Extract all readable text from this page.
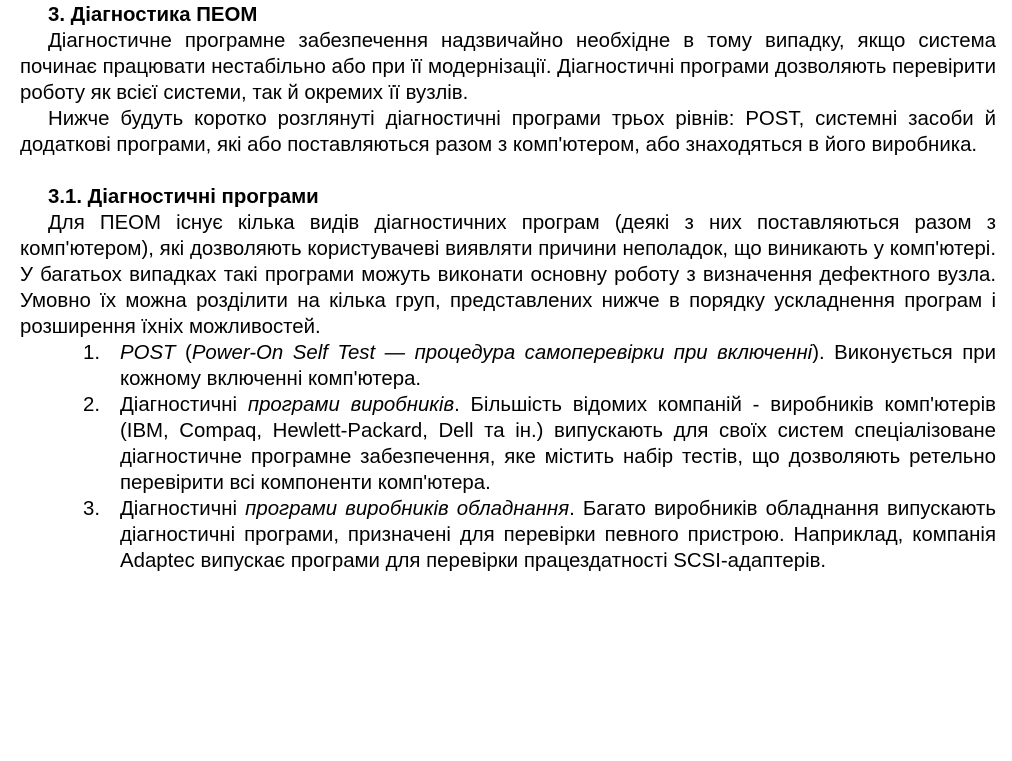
3. Діагностика ПЕОМ

Діагностичне програмне забезпечення надзвичайно необхідне в тому випадку, якщо система починає працювати нестабільно або при її модернізації. Діагностичні програми дозволяють перевірити роботу як всієї системи, так й окремих її вузлів.

Нижче будуть коротко розглянуті діагностичні програми трьох рівнів: POST, системні засоби й додаткові програми, які або поставляються разом з комп'ютером, або знаходяться в його виробника.

3.1. Діагностичні програми

Для ПЕОМ існує кілька видів діагностичних програм (деякі з них поставляються разом з комп'ютером), які дозволяють користувачеві виявляти причини неполадок, що виникають у комп'ютері. У багатьох випадках такі програми можуть виконати основну роботу з визначення дефектного вузла. Умовно їх можна розділити на кілька груп, представлених нижче в порядку ускладнення програм і розширення їхніх можливостей.

1. POST (Power-On Self Test — процедура самоперевірки при включенні). Виконується при кожному включенні комп'ютера.
2. Діагностичні програми виробників. Більшість відомих компаній - виробників комп'ютерів (IBM, Compaq, Hewlett-Packard, Dell та ін.) випускають для своїх систем спеціалізоване діагностичне програмне забезпечення, яке містить набір тестів, що дозволяють ретельно перевірити всі компоненти комп'ютера.
3. Діагностичні програми виробників обладнання. Багато виробників обладнання випускають діагностичні програми, призначені для перевірки певного пристрою. Наприклад, компанія Adaptec випускає програми для перевірки працездатності SCSI-адаптерів.
